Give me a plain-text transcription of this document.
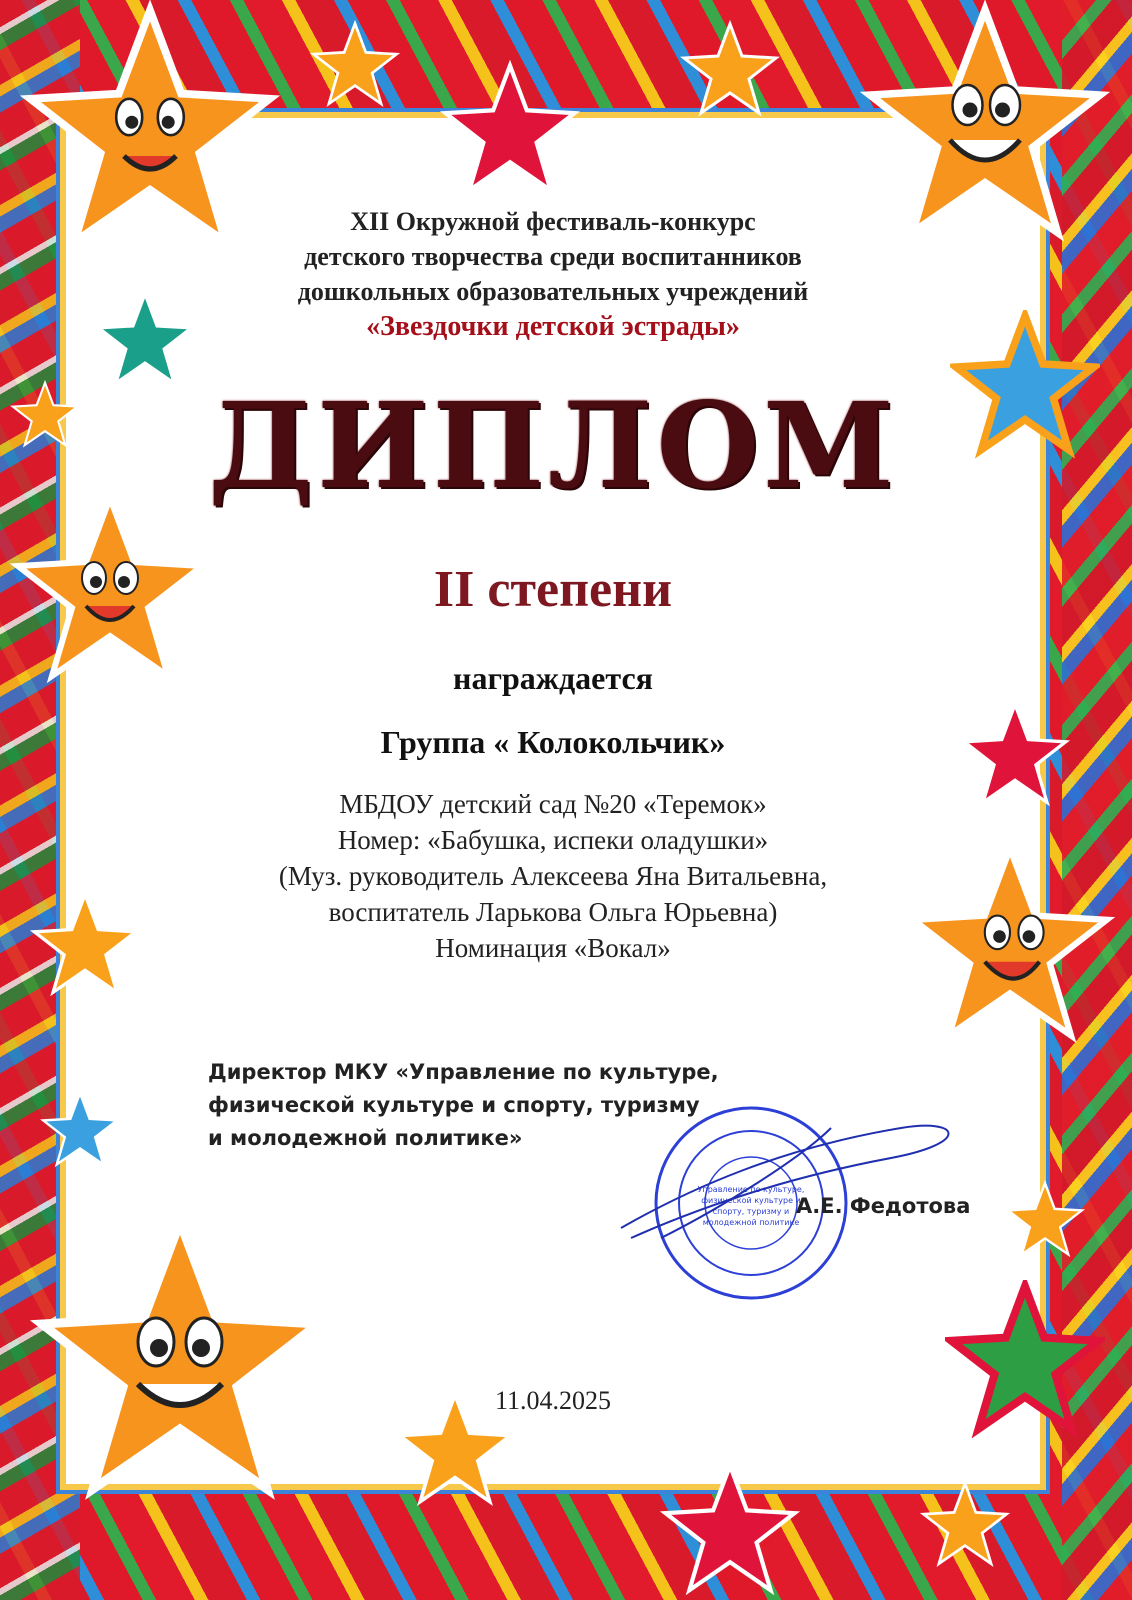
XII Окружной фестиваль-конкурс
детского творчества среди воспитанников
дошкольных образовательных учреждений
«Звездочки детской эстрады»
ДИПЛОМ
II степени
награждается
Группа « Колокольчик»
МБДОУ детский сад №20 «Теремок»
Номер: «Бабушка, испеки оладушки»
(Муз. руководитель Алексеева Яна Витальевна,
воспитатель Ларькова Ольга Юрьевна)
Номинация «Вокал»
Директор МКУ «Управление по культуре,
физической культуре и спорту, туризму
и молодежной политике»
Управление по культуре,
физической культуре и
спорту, туризму и
молодежной политике
А.Е. Федотова
11.04.2025
